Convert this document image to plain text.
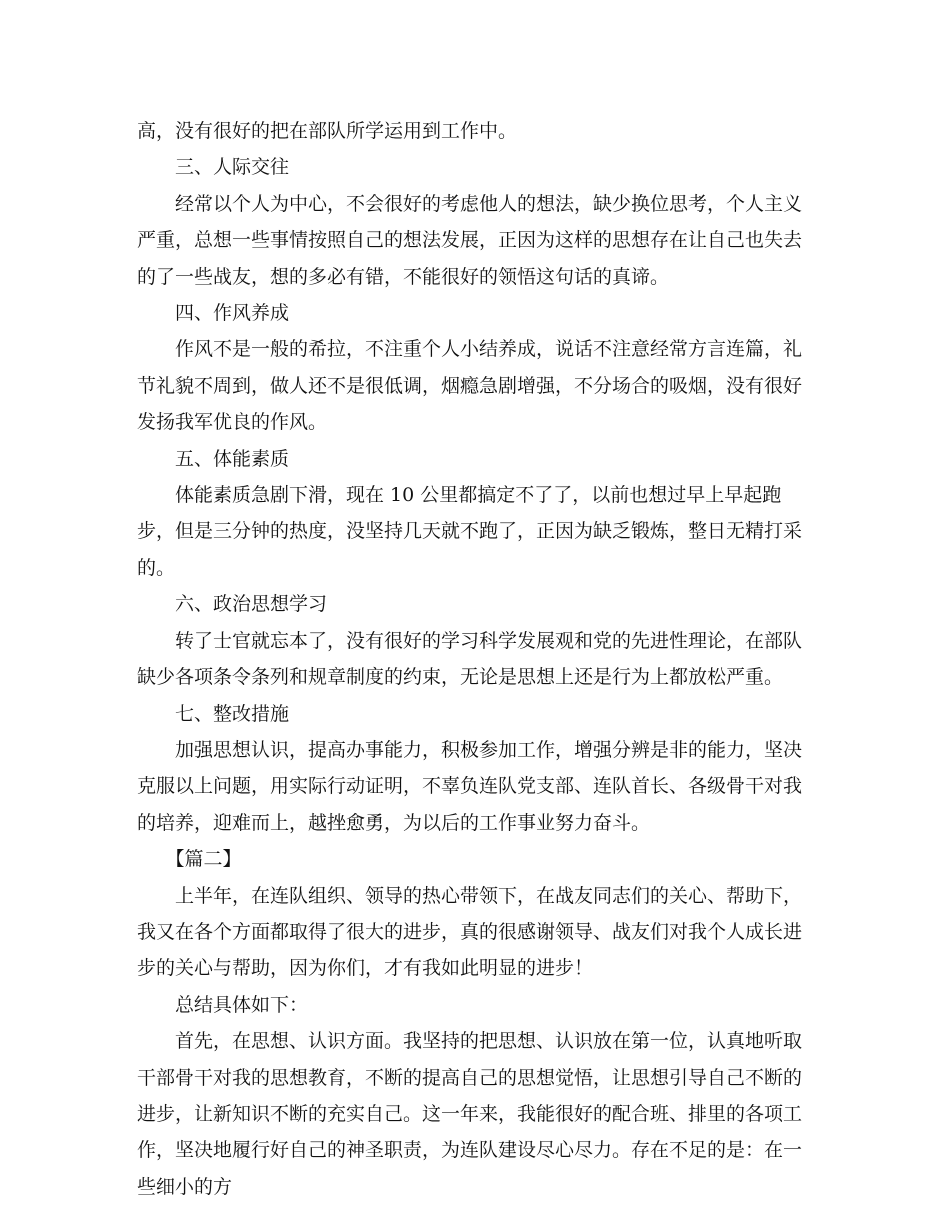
高，没有很好的把在部队所学运用到工作中。

三、人际交往

经常以个人为中心，不会很好的考虑他人的想法，缺少换位思考，个人主义严重，总想一些事情按照自己的想法发展，正因为这样的思想存在让自己也失去的了一些战友，想的多必有错，不能很好的领悟这句话的真谛。

四、作风养成

作风不是一般的希拉，不注重个人小结养成，说话不注意经常方言连篇，礼节礼貌不周到，做人还不是很低调，烟瘾急剧增强，不分场合的吸烟，没有很好发扬我军优良的作风。

五、体能素质

体能素质急剧下滑，现在 10 公里都搞定不了了，以前也想过早上早起跑步，但是三分钟的热度，没坚持几天就不跑了，正因为缺乏锻炼，整日无精打采的。

六、政治思想学习

转了士官就忘本了，没有很好的学习科学发展观和党的先进性理论，在部队缺少各项条令条列和规章制度的约束，无论是思想上还是行为上都放松严重。

七、整改措施

加强思想认识，提高办事能力，积极参加工作，增强分辨是非的能力，坚决克服以上问题，用实际行动证明，不辜负连队党支部、连队首长、各级骨干对我的培养，迎难而上，越挫愈勇，为以后的工作事业努力奋斗。

【篇二】

上半年，在连队组织、领导的热心带领下，在战友同志们的关心、帮助下，我又在各个方面都取得了很大的进步，真的很感谢领导、战友们对我个人成长进步的关心与帮助，因为你们，才有我如此明显的进步！

总结具体如下：

首先，在思想、认识方面。我坚持的把思想、认识放在第一位，认真地听取干部骨干对我的思想教育，不断的提高自己的思想觉悟，让思想引导自己不断的进步，让新知识不断的充实自己。这一年来，我能很好的配合班、排里的各项工作，坚决地履行好自己的神圣职责，为连队建设尽心尽力。存在不足的是：在一些细小的方
